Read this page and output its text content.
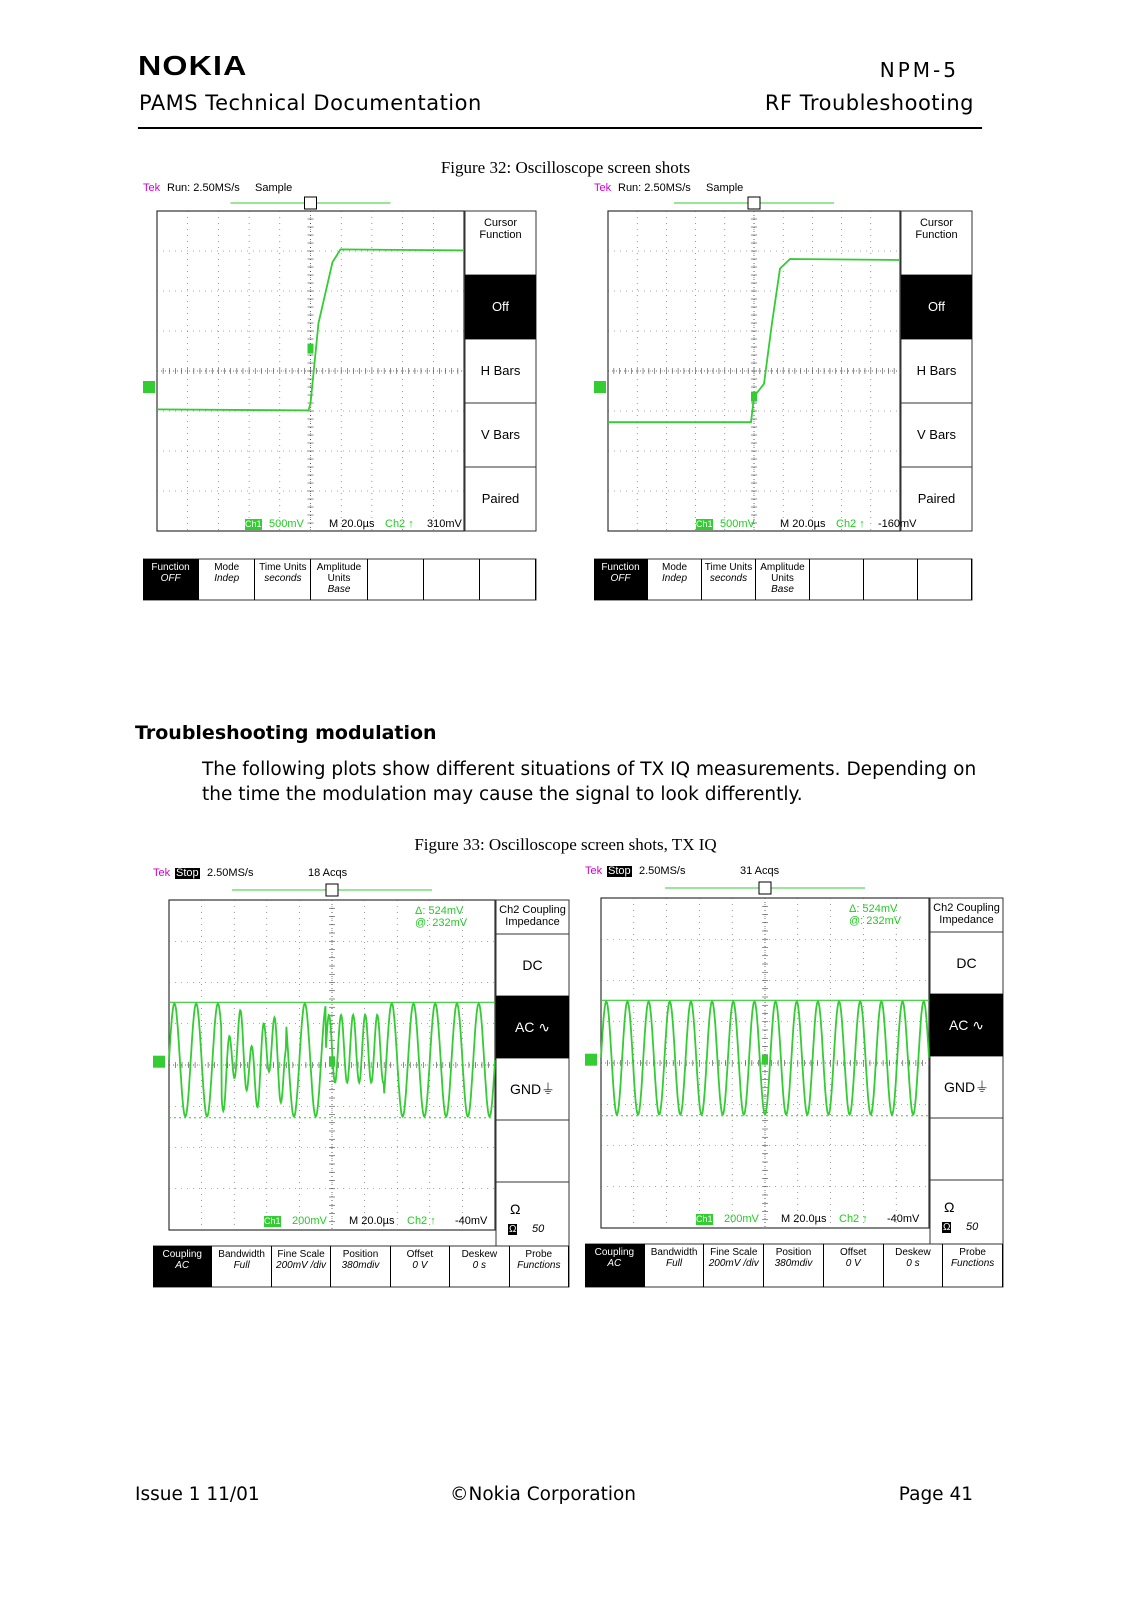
NOKIA	NPM-5
PAMS Technical Documentation	RF Troubleshooting
Figure 32: Oscilloscope screen shots
Tek Run: 2.50MS/s Sample
Ch1 500mV M 20.0µs Ch2 ↑ 310mV
Cursor Function
Off
H Bars
V Bars
Paired
Function
OFF
Mode
Indep
Time Units
seconds
Amplitude Units
Base
Tek Run: 2.50MS/s Sample
Ch1 500mV M 20.0µs Ch2 ↑ -160mV
Cursor Function
Off
H Bars
V Bars
Paired
Function
OFF
Mode
Indep
Time Units
seconds
Amplitude Units
Base
Troubleshooting modulation
The following plots show different situations of TX IQ measurements. Depending on the time the modulation may cause the signal to look differently.
Figure 33: Oscilloscope screen shots, TX IQ
Tek Stop 2.50MS/s	18 Acqs
Δ: 524mV
@: 232mV
Ch1 200mV M 20.0µs Ch2 ↑ -40mV
Ch2 Coupling Impedance
DC
AC ∿
GND⏚
Ω
Ω 50
Coupling
AC
Bandwidth
Full
Fine Scale
200mV /div
Position
380mdiv
Offset
0 V
Deskew
0 s
Probe
Functions
Tek Stop 2.50MS/s	31 Acqs
Δ: 524mV
@: 232mV
Ch1 200mV M 20.0µs Ch2 ↑ -40mV
Ch2 Coupling Impedance
DC
AC ∿
GND⏚
Ω
Ω 50
Coupling
AC
Bandwidth
Full
Fine Scale
200mV /div
Position
380mdiv
Offset
0 V
Deskew
0 s
Probe
Functions
Issue 1 11/01	©Nokia Corporation	Page 41
